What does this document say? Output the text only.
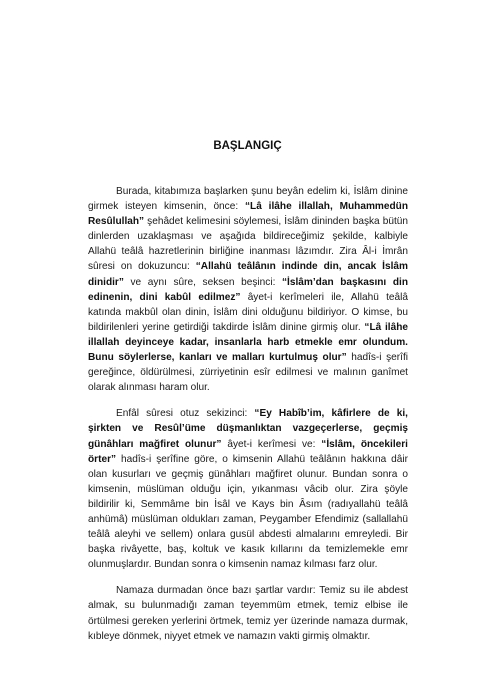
BAŞLANGIÇ

Burada, kitabımıza başlarken şunu beyân edelim ki, İslâm dinine girmek isteyen kimsenin, önce: “Lâ ilâhe illallah, Muhammedün Resûlullah” şehâdet kelimesini söylemesi, İslâm dininden başka bütün dinlerden uzaklaşması ve aşağıda bildireceğimiz şekilde, kalbiyle Allahü teâlâ hazretlerinin birliğine inanması lâzımdır. Zira Âl-i İmrân sûresi on dokuzuncu: “Allahü teâlânın indinde din, ancak İslâm dinidir” ve aynı sûre, seksen beşinci: “İslâm’dan başkasını din edinenin, dini kabûl edilmez” âyet-i kerîmeleri ile, Allahü teâlâ katında makbûl olan dinin, İslâm dini olduğunu bildiriyor. O kimse, bu bildirilenleri yerine getirdiği takdirde İslâm dinine girmiş olur. “Lâ ilâhe illallah deyinceye kadar, insanlarla harb etmekle emr olundum. Bunu söylerlerse, kanları ve malları kurtulmuş olur” hadîs-i şerîfi gereğince, öldürülmesi, zürriyetinin esîr edilmesi ve malının ganîmet olarak alınması haram olur.

Enfâl sûresi otuz sekizinci: “Ey Habîb’im, kâfirlere de ki, şirkten ve Resûl’üme düşmanlıktan vazgeçerlerse, geçmiş günâhları mağfiret olunur” âyet-i kerîmesi ve: “İslâm, öncekileri örter” hadîs-i şerîfine göre, o kimsenin Allahü teâlânın hakkına dâir olan kusurları ve geçmiş günâhları mağfiret olunur. Bundan sonra o kimsenin, müslüman olduğu için, yıkanması vâcib olur. Zira şöyle bildirilir ki, Semmâme bin İsâl ve Kays bin Âsım (radıyallahü teâlâ anhümâ) müslüman oldukları zaman, Peygamber Efendimiz (sallallahü teâlâ aleyhi ve sellem) onlara gusül abdesti almalarını emreyledi. Bir başka rivâyette, baş, koltuk ve kasık kıllarını da temizlemekle emr olunmuşlardır. Bundan sonra o kimsenin namaz kılması farz olur.

Namaza durmadan önce bazı şartlar vardır: Temiz su ile abdest almak, su bulunmadığı zaman teyemmüm etmek, temiz elbise ile örtülmesi gereken yerlerini örtmek, temiz yer üzerinde namaza durmak, kıbleye dönmek, niyyet etmek ve namazın vakti girmiş olmaktır.
